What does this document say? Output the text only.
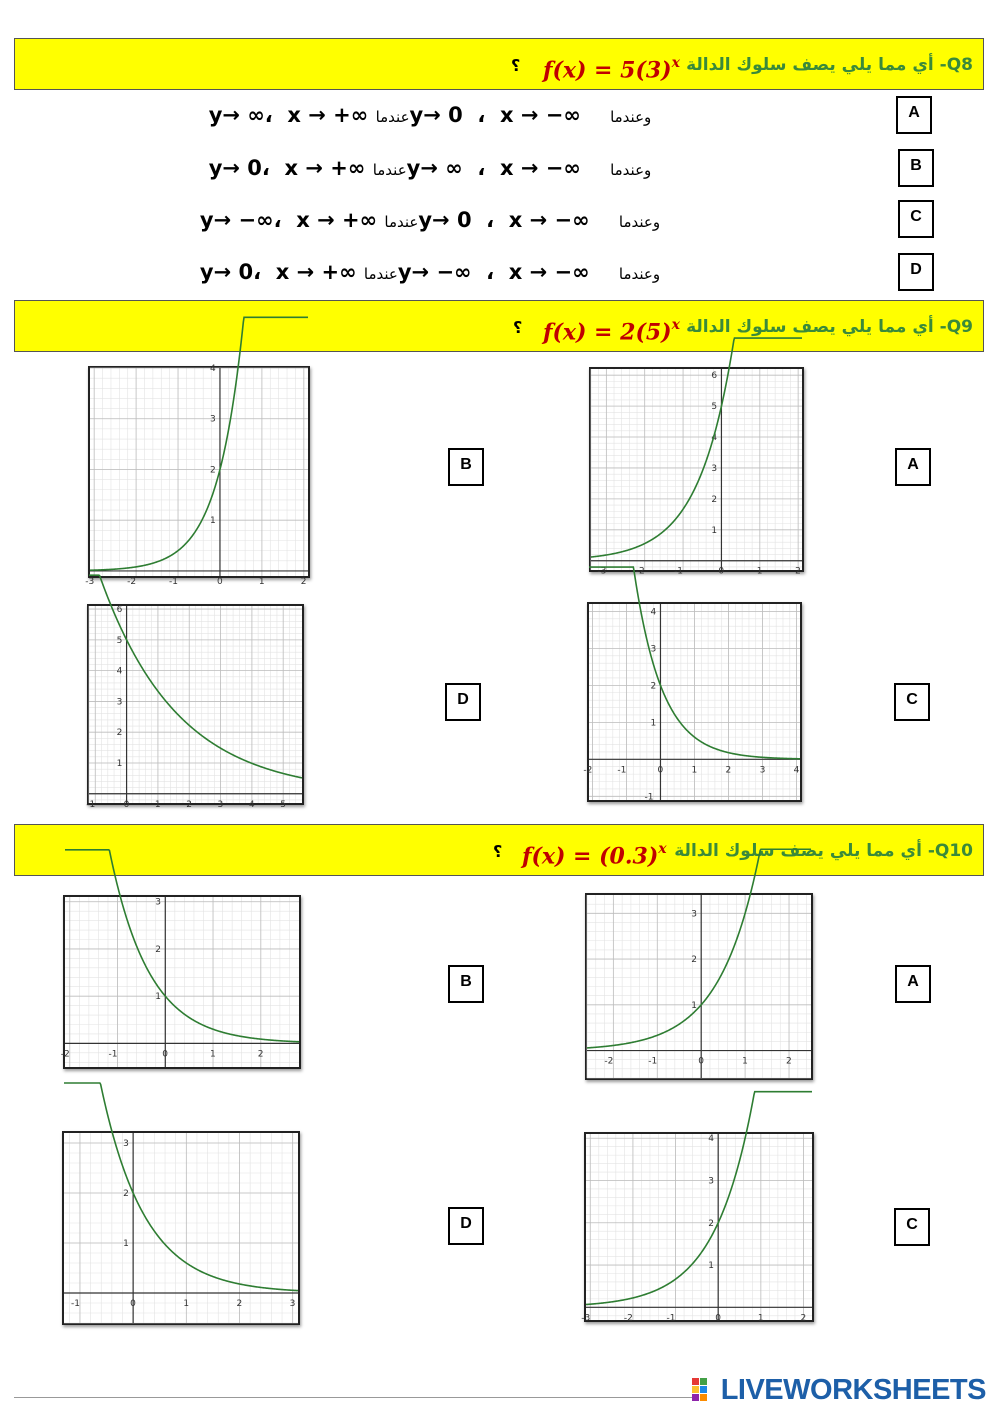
Q8- أي مما يلي يصف سلوك الدالة
$f(x) = 5(3)^x$
؟
y→ ∞،  x → +∞	وعندما   y→ 0  ،  x → −∞ عندما	A
y→ 0،  x → +∞	وعندما   y→ ∞  ،  x → −∞ عندما	B
y→ −∞،  x → +∞	وعندما   y→ 0  ،  x → −∞ عندما	C
y→ 0،  x → +∞	وعندما   y→ −∞  ،  x → −∞ عندما	D
Q9- أي مما يلي يصف سلوك الدالة
$f(x) = 2(5)^x$
؟
-3	-2	-1	0	1	2
1
2
3
4
B
-3	-2	-1	0	1	2
1
2
3
4
5
6
A
-1	0	1	2	3	4	5
1
2
3
4
5
6
D
-2	-1	0	1	2	3	4
-1
1
2
3
4
C
Q10- أي مما يلي يصف سلوك الدالة
$f(x) = (0.3)^x$
؟
-2	-1	0	1	2
1
2
3
B
-2	-1	0	1	2
1
2
3
A
-1	0	1	2	3
1
2
3
D
-3	-2	-1	0	1	2
1
2
3
4
C
LIVEWORKSHEETS
